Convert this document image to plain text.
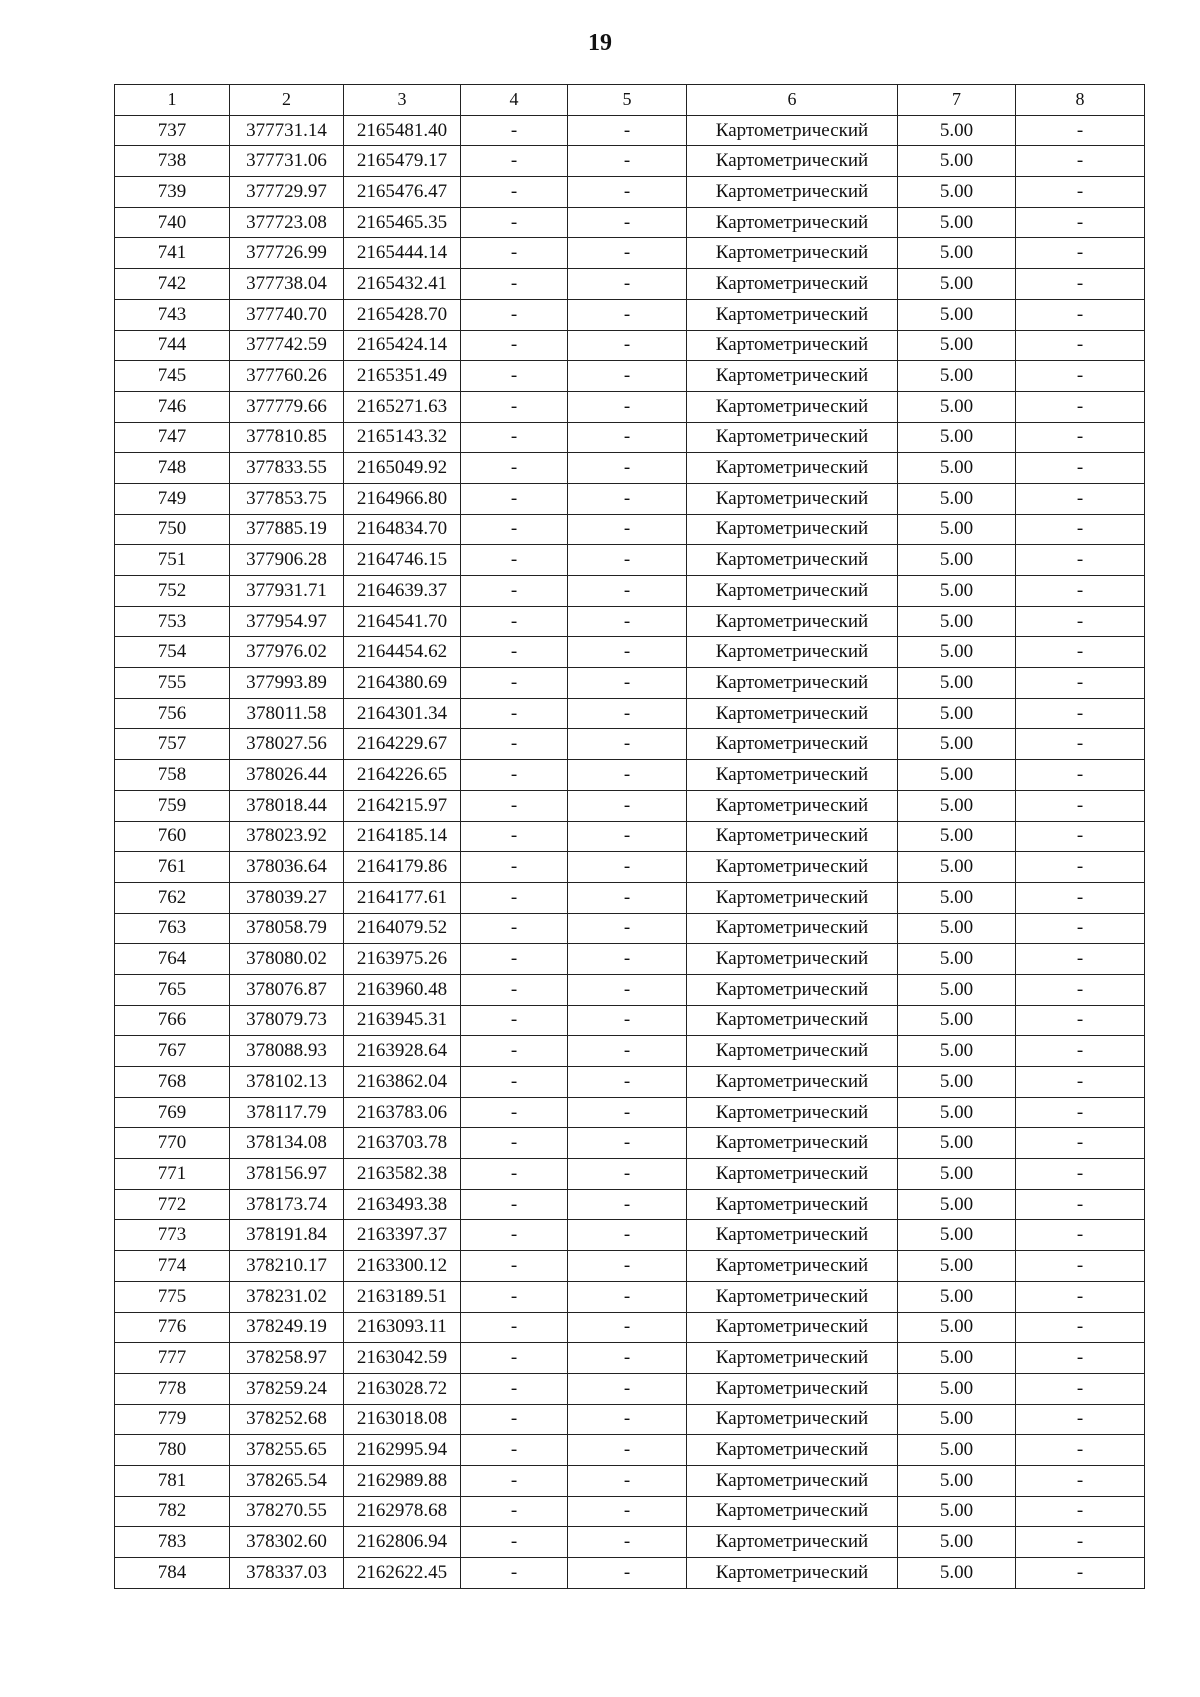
19
1	2	3	4	5	6	7	8
737	377731.14	2165481.40	-	-	Картометрический	5.00	-
738	377731.06	2165479.17	-	-	Картометрический	5.00	-
739	377729.97	2165476.47	-	-	Картометрический	5.00	-
740	377723.08	2165465.35	-	-	Картометрический	5.00	-
741	377726.99	2165444.14	-	-	Картометрический	5.00	-
742	377738.04	2165432.41	-	-	Картометрический	5.00	-
743	377740.70	2165428.70	-	-	Картометрический	5.00	-
744	377742.59	2165424.14	-	-	Картометрический	5.00	-
745	377760.26	2165351.49	-	-	Картометрический	5.00	-
746	377779.66	2165271.63	-	-	Картометрический	5.00	-
747	377810.85	2165143.32	-	-	Картометрический	5.00	-
748	377833.55	2165049.92	-	-	Картометрический	5.00	-
749	377853.75	2164966.80	-	-	Картометрический	5.00	-
750	377885.19	2164834.70	-	-	Картометрический	5.00	-
751	377906.28	2164746.15	-	-	Картометрический	5.00	-
752	377931.71	2164639.37	-	-	Картометрический	5.00	-
753	377954.97	2164541.70	-	-	Картометрический	5.00	-
754	377976.02	2164454.62	-	-	Картометрический	5.00	-
755	377993.89	2164380.69	-	-	Картометрический	5.00	-
756	378011.58	2164301.34	-	-	Картометрический	5.00	-
757	378027.56	2164229.67	-	-	Картометрический	5.00	-
758	378026.44	2164226.65	-	-	Картометрический	5.00	-
759	378018.44	2164215.97	-	-	Картометрический	5.00	-
760	378023.92	2164185.14	-	-	Картометрический	5.00	-
761	378036.64	2164179.86	-	-	Картометрический	5.00	-
762	378039.27	2164177.61	-	-	Картометрический	5.00	-
763	378058.79	2164079.52	-	-	Картометрический	5.00	-
764	378080.02	2163975.26	-	-	Картометрический	5.00	-
765	378076.87	2163960.48	-	-	Картометрический	5.00	-
766	378079.73	2163945.31	-	-	Картометрический	5.00	-
767	378088.93	2163928.64	-	-	Картометрический	5.00	-
768	378102.13	2163862.04	-	-	Картометрический	5.00	-
769	378117.79	2163783.06	-	-	Картометрический	5.00	-
770	378134.08	2163703.78	-	-	Картометрический	5.00	-
771	378156.97	2163582.38	-	-	Картометрический	5.00	-
772	378173.74	2163493.38	-	-	Картометрический	5.00	-
773	378191.84	2163397.37	-	-	Картометрический	5.00	-
774	378210.17	2163300.12	-	-	Картометрический	5.00	-
775	378231.02	2163189.51	-	-	Картометрический	5.00	-
776	378249.19	2163093.11	-	-	Картометрический	5.00	-
777	378258.97	2163042.59	-	-	Картометрический	5.00	-
778	378259.24	2163028.72	-	-	Картометрический	5.00	-
779	378252.68	2163018.08	-	-	Картометрический	5.00	-
780	378255.65	2162995.94	-	-	Картометрический	5.00	-
781	378265.54	2162989.88	-	-	Картометрический	5.00	-
782	378270.55	2162978.68	-	-	Картометрический	5.00	-
783	378302.60	2162806.94	-	-	Картометрический	5.00	-
784	378337.03	2162622.45	-	-	Картометрический	5.00	-
